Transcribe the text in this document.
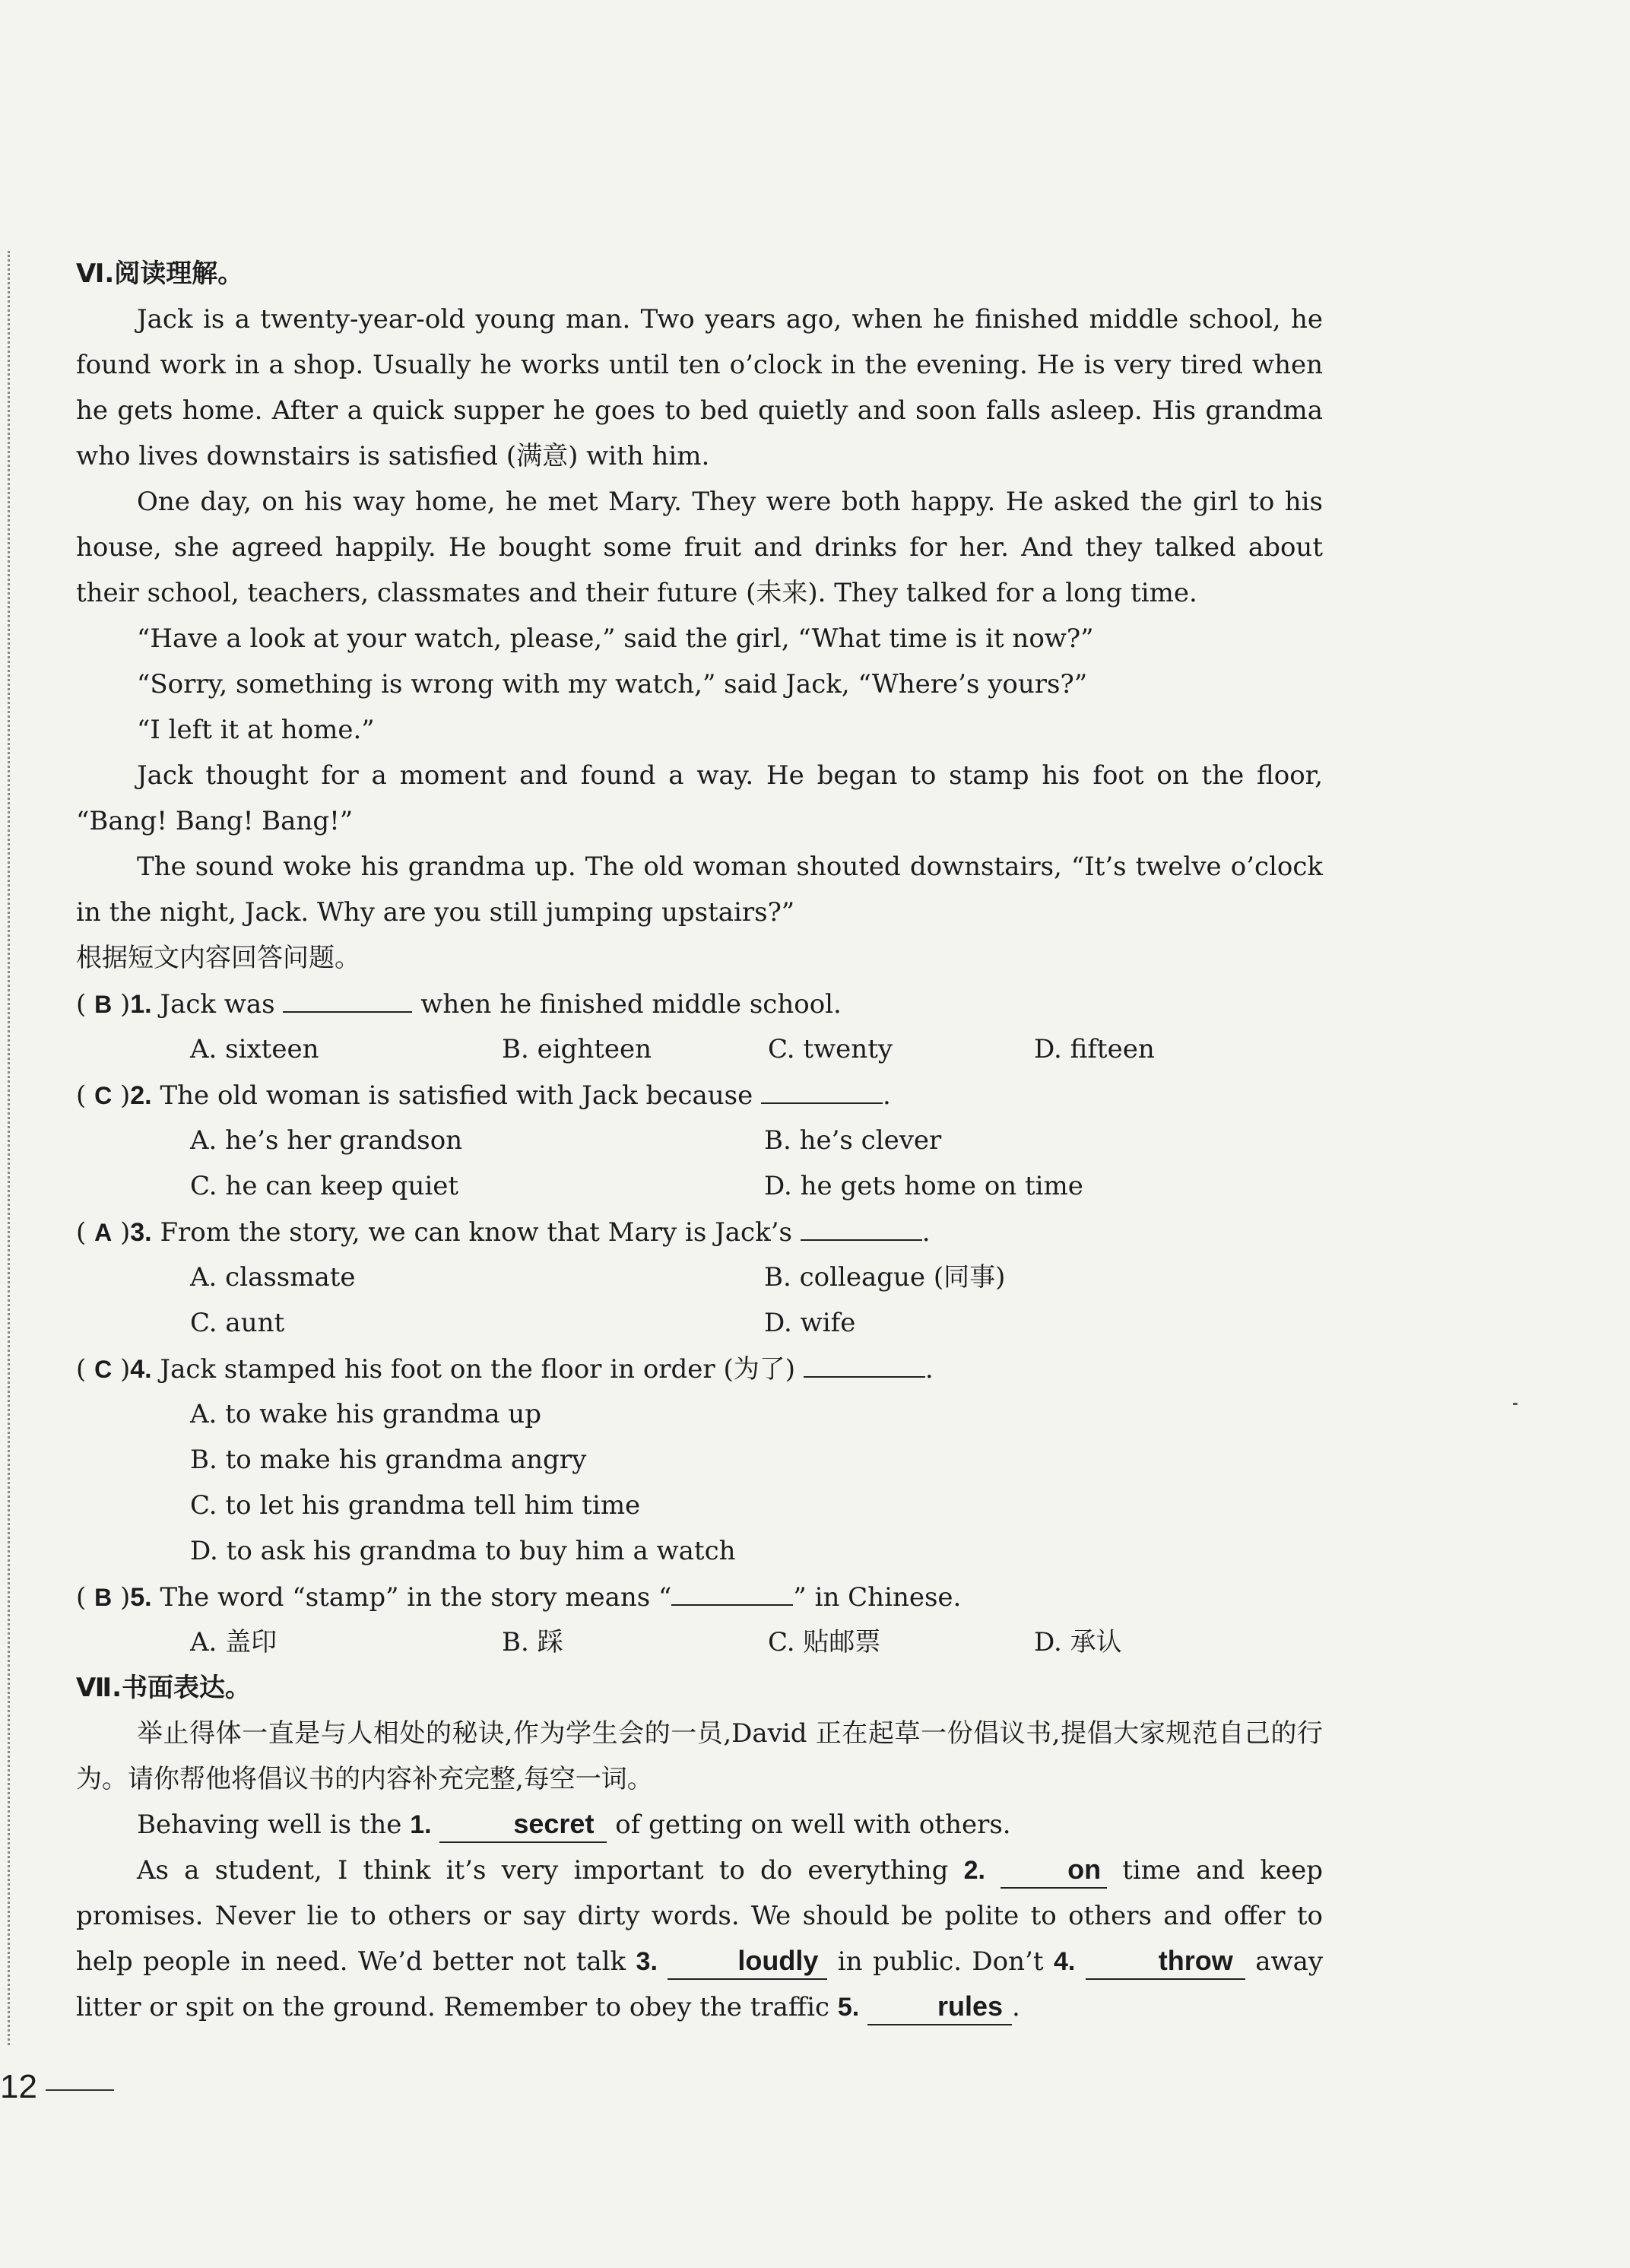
Ⅵ.阅读理解。

Jack is a twenty-year-old young man. Two years ago, when he finished middle school, he found work in a shop. Usually he works until ten o’clock in the evening. He is very tired when he gets home. After a quick supper he goes to bed quietly and soon falls asleep. His grandma who lives downstairs is satisfied (满意) with him.

One day, on his way home, he met Mary. They were both happy. He asked the girl to his house, she agreed happily. He bought some fruit and drinks for her. And they talked about their school, teachers, classmates and their future (未来). They talked for a long time.

“Have a look at your watch, please,” said the girl, “What time is it now?”

“Sorry, something is wrong with my watch,” said Jack, “Where’s yours?”

“I left it at home.”

Jack thought for a moment and found a way. He began to stamp his foot on the floor, “Bang! Bang! Bang!”

The sound woke his grandma up. The old woman shouted downstairs, “It’s twelve o’clock in the night, Jack. Why are you still jumping upstairs?”

根据短文内容回答问题。

( B )1. Jack was	when he finished middle school.

A. sixteen	B. eighteen	C. twenty	D. fifteen

( C )2. The old woman is satisfied with Jack because	.

A. he’s her grandson	B. he’s clever

C. he can keep quiet	D. he gets home on time

( A )3. From the story, we can know that Mary is Jack’s	.

A. classmate	B. colleague (同事)

C. aunt	D. wife

( C )4. Jack stamped his foot on the floor in order (为了)	.

A. to wake his grandma up

B. to make his grandma angry

C. to let his grandma tell him time

D. to ask his grandma to buy him a watch

( B )5. The word “stamp” in the story means “	” in Chinese.

A. 盖印	B. 踩	C. 贴邮票	D. 承认

Ⅶ.书面表达。

举止得体一直是与人相处的秘诀,作为学生会的一员,David 正在起草一份倡议书,提倡大家规范自己的行为。请你帮他将倡议书的内容补充完整,每空一词。

Behaving well is the 1.	secret of getting on well with others.

As a student, I think it’s very important to do everything 2.	on time and keep promises. Never lie to others or say dirty words. We should be polite to others and offer to help people in need. We’d better not talk 3.	loudly in public. Don’t 4.	throw away litter or spit on the ground. Remember to obey the traffic 5.	rules .

12
